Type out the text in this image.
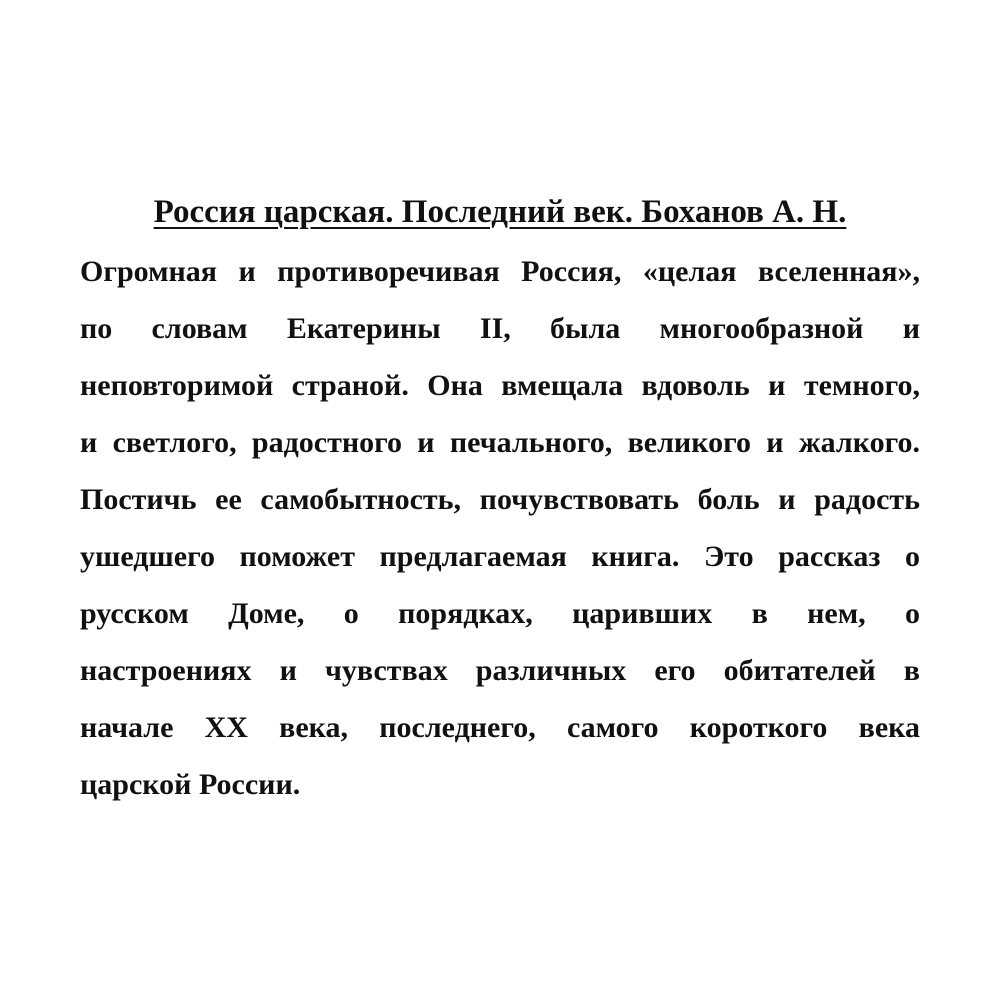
Россия царская. Последний век. Боханов А. Н.
Огромная и противоречивая Россия, «целая вселенная»,
по словам Екатерины II, была многообразной и
неповторимой страной. Она вмещала вдоволь и темного,
и светлого, радостного и печального, великого и жалкого.
Постичь ее самобытность, почувствовать боль и радость
ушедшего поможет предлагаемая книга. Это рассказ о
русском Доме, о порядках, царивших в нем, о
настроениях и чувствах различных его обитателей в
начале XX века, последнего, самого короткого века
царской России.
